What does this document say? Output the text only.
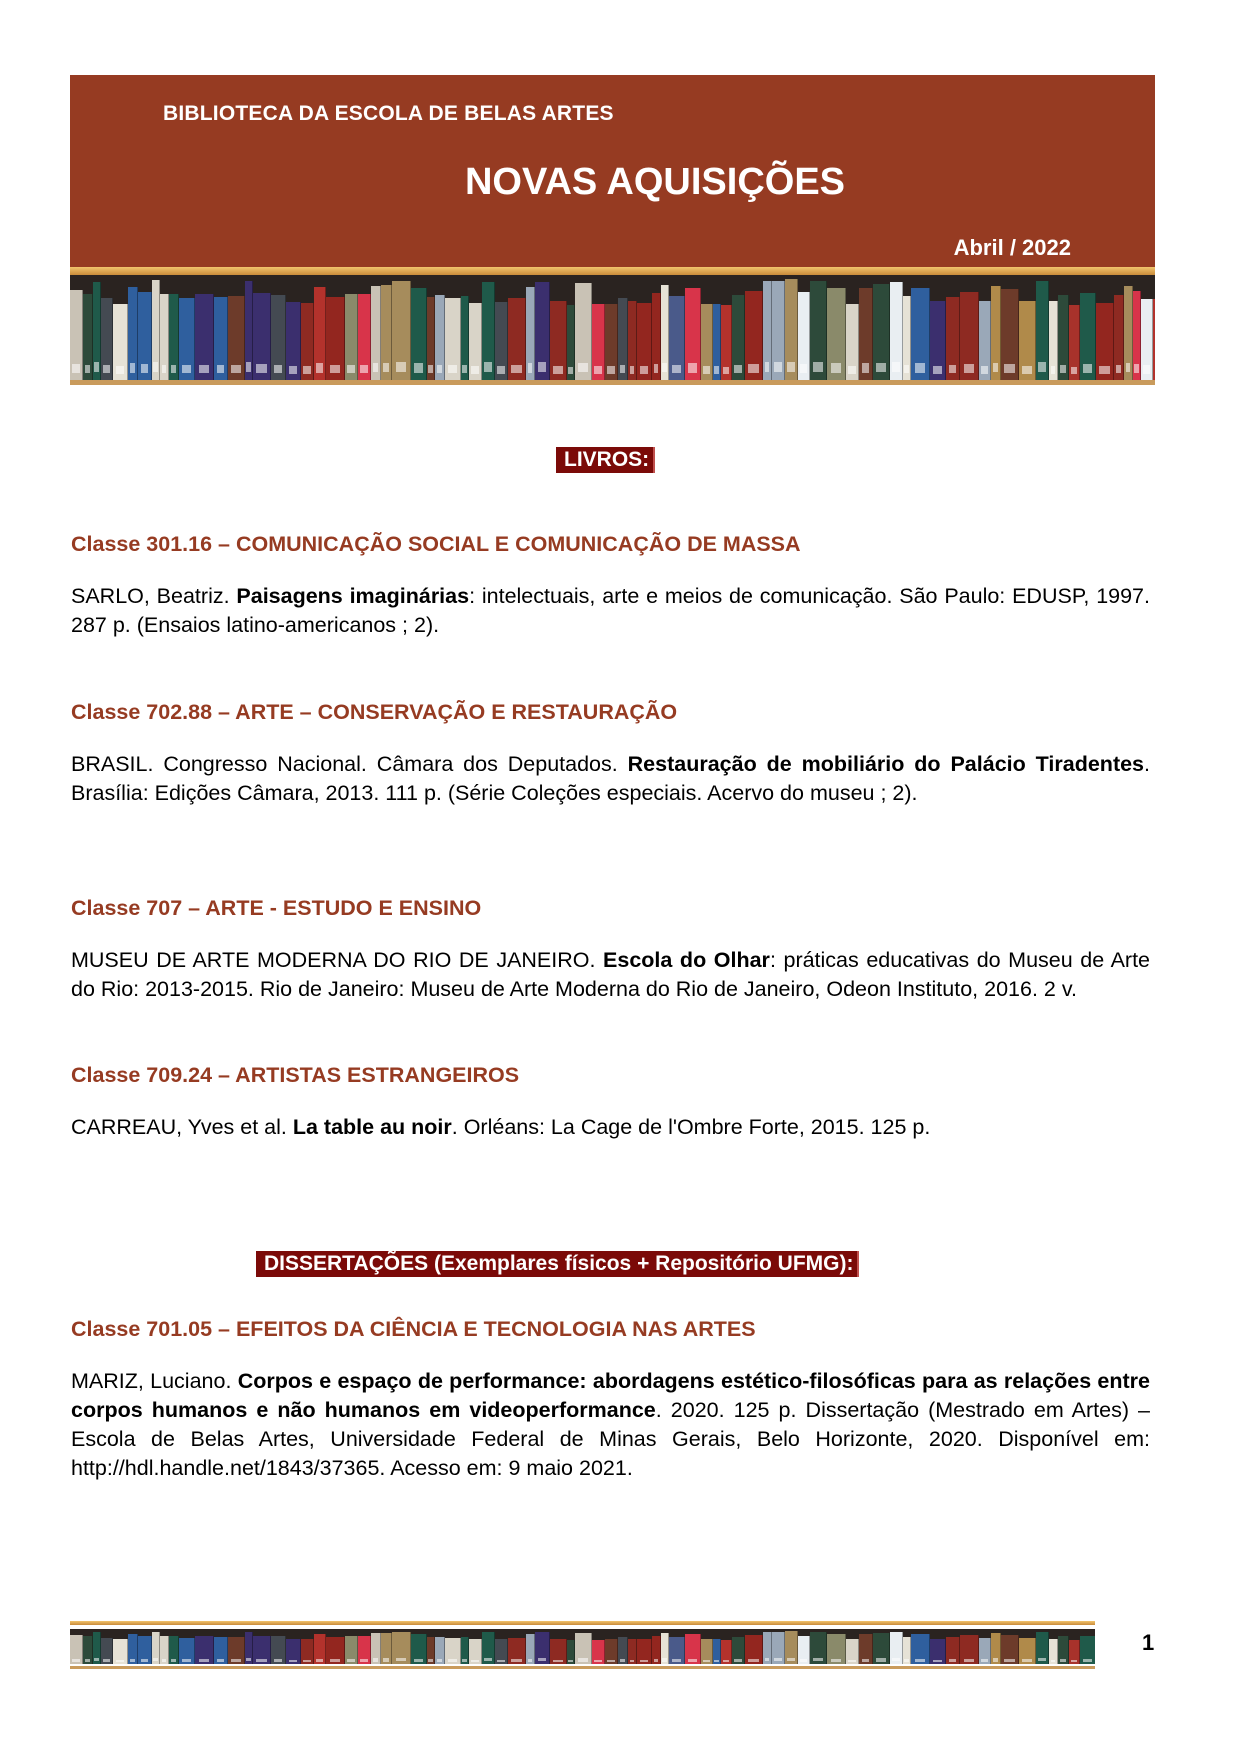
BIBLIOTECA DA ESCOLA DE BELAS ARTES
NOVAS AQUISIÇÕES
Abril / 2022
LIVROS:
Classe 301.16 – COMUNICAÇÃO SOCIAL E COMUNICAÇÃO DE MASSA
SARLO, Beatriz. Paisagens imaginárias: intelectuais, arte e meios de comunicação. São Paulo: EDUSP, 1997. 287 p. (Ensaios latino-americanos ; 2).
Classe 702.88 – ARTE – CONSERVAÇÃO E RESTAURAÇÃO
BRASIL. Congresso Nacional. Câmara dos Deputados. Restauração de mobiliário do Palácio Tiradentes. Brasília: Edições Câmara, 2013. 111 p. (Série Coleções especiais. Acervo do museu ; 2).
Classe 707 – ARTE - ESTUDO E ENSINO
MUSEU DE ARTE MODERNA DO RIO DE JANEIRO. Escola do Olhar: práticas educativas do Museu de Arte do Rio: 2013-2015. Rio de Janeiro: Museu de Arte Moderna do Rio de Janeiro, Odeon Instituto, 2016. 2 v.
Classe 709.24 – ARTISTAS ESTRANGEIROS
CARREAU, Yves et al. La table au noir. Orléans: La Cage de l'Ombre Forte, 2015. 125 p.
DISSERTAÇÕES (Exemplares físicos + Repositório UFMG):
Classe 701.05 – EFEITOS DA CIÊNCIA E TECNOLOGIA NAS ARTES
MARIZ, Luciano. Corpos e espaço de performance: abordagens estético-filosóficas para as relações entre corpos humanos e não humanos em videoperformance. 2020. 125 p. Dissertação (Mestrado em Artes) – Escola de Belas Artes, Universidade Federal de Minas Gerais, Belo Horizonte, 2020. Disponível em: http://hdl.handle.net/1843/37365. Acesso em: 9 maio 2021.
1
